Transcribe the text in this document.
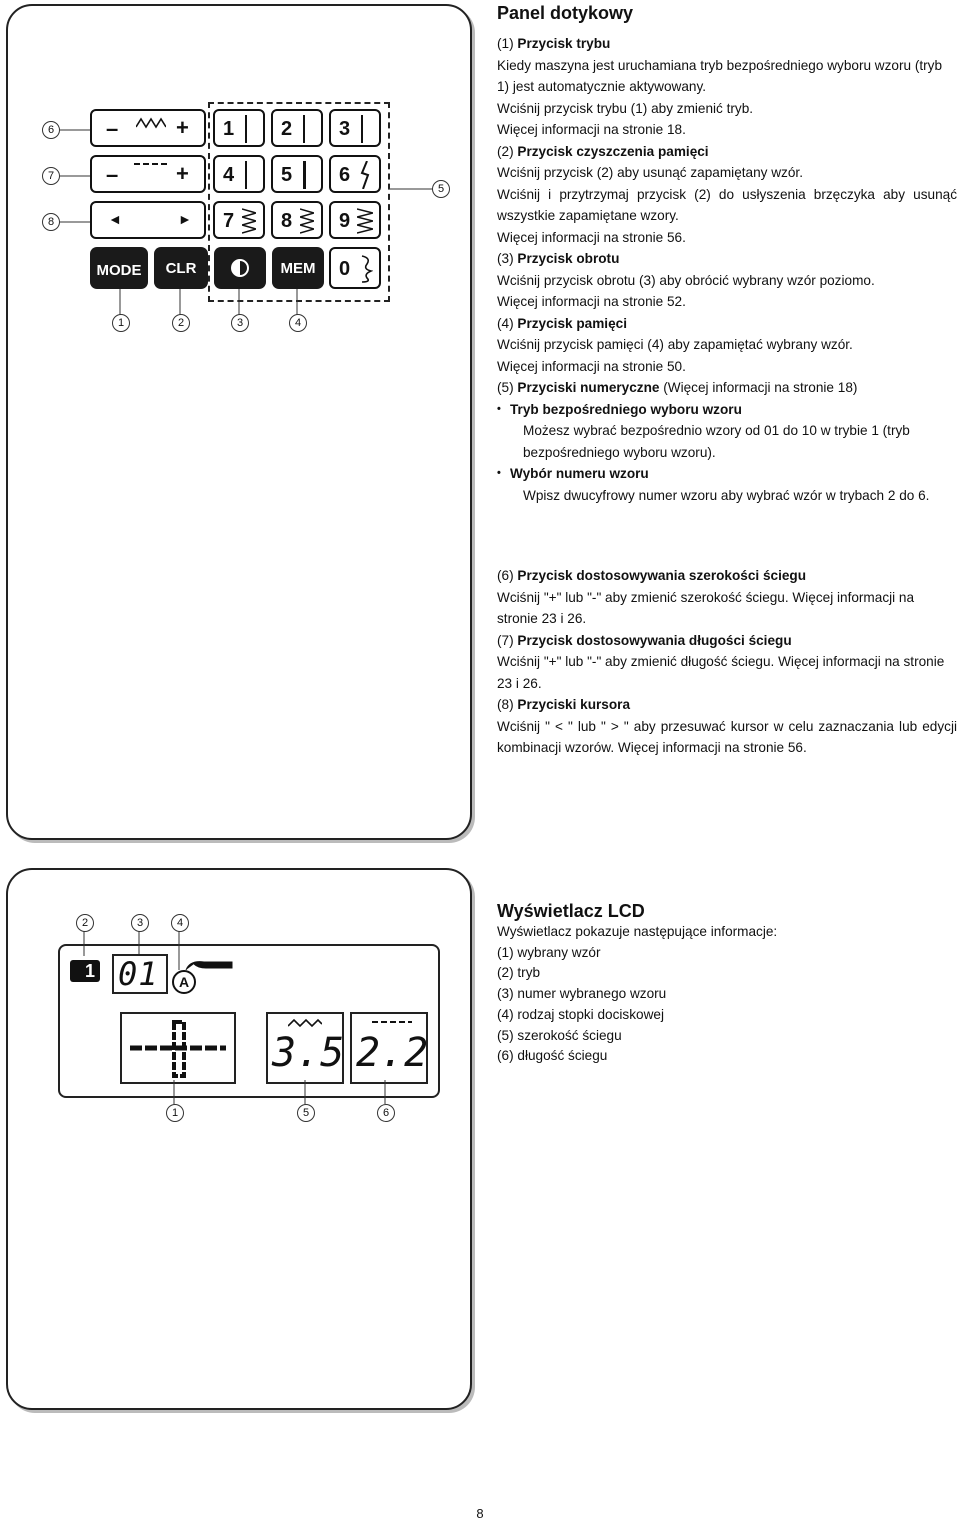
–	+
–	+
◄	►
1 2 3
4 5 6
7 8 9
0
MODE CLR	MEM
6
7
8
5
1	2	3	4

Panel dotykowy

(1) Przycisk trybu

Kiedy maszyna jest uruchamiana tryb bezpośredniego wyboru wzoru (tryb 1) jest automatycznie aktywowany.

Wciśnij przycisk trybu (1) aby zmienić tryb.

Więcej informacji na stronie 18.

(2) Przycisk czyszczenia pamięci

Wciśnij przycisk (2) aby usunąć zapamiętany wzór.

Wciśnij i przytrzymaj przycisk (2) do usłyszenia brzęczyka aby usunąć wszystkie zapamiętane wzory.

Więcej informacji na stronie 56.

(3) Przycisk obrotu

Wciśnij przycisk obrotu (3) aby obrócić wybrany wzór poziomo.

Więcej informacji na stronie 52.

(4) Przycisk pamięci

Wciśnij przycisk pamięci (4) aby zapamiętać wybrany wzór.

Więcej informacji na stronie 50.

(5) Przyciski numeryczne (Więcej informacji na stronie 18)

• Tryb bezpośredniego wyboru wzoru

Możesz wybrać bezpośrednio wzory od 01 do 10 w trybie 1 (tryb bezpośredniego wyboru wzoru).

• Wybór numeru wzoru

Wpisz dwucyfrowy numer wzoru aby wybrać wzór w trybach 2 do 6.

(6) Przycisk dostosowywania szerokości ściegu

Wciśnij "+" lub "-" aby zmienić szerokość ściegu. Więcej informacji na stronie 23 i 26.

(7) Przycisk dostosowywania długości ściegu

Wciśnij "+" lub "-" aby zmienić długość ściegu. Więcej informacji na stronie 23 i 26.

(8) Przyciski kursora

Wciśnij " < " lub " > " aby przesuwać kursor w celu zaznaczania lub edycji kombinacji wzorów. Więcej informacji na stronie 56.

1 01	A
3.5 2.2
2	3	4
1	5	6

Wyświetlacz LCD

Wyświetlacz pokazuje następujące informacje:

(1) wybrany wzór

(2) tryb

(3) numer wybranego wzoru

(4) rodzaj stopki dociskowej

(5) szerokość ściegu

(6) długość ściegu

8
